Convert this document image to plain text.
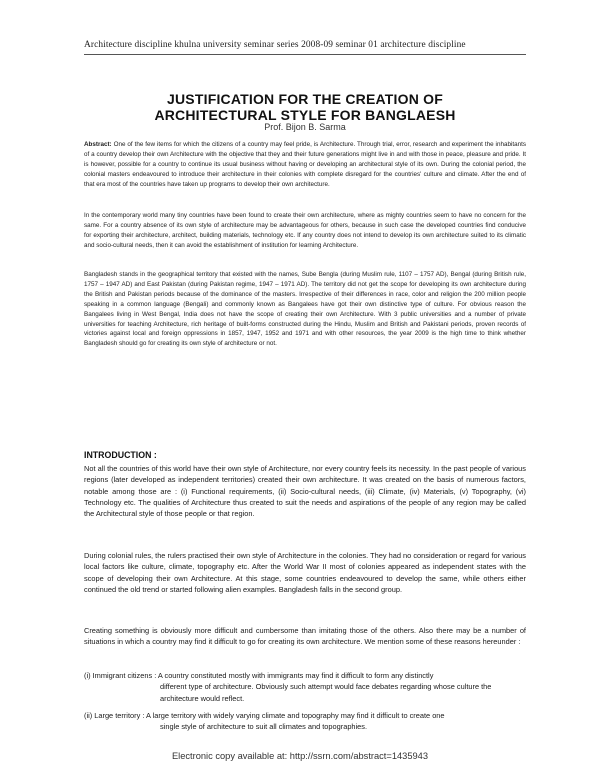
Architecture discipline khulna university seminar series 2008-09 seminar 01 architecture discipline
JUSTIFICATION FOR THE CREATION OF
ARCHITECTURAL STYLE FOR BANGLAESH
Prof. Bijon B. Sarma
Abstract: One of the few items for which the citizens of a country may feel pride, is Architecture. Through trial, error, research and experiment the inhabitants of a country develop their own Architecture with the objective that they and their future generations might live in and with those in peace, pleasure and pride. It is however, possible for a country to continue its usual business without having or developing an architectural style of its own. During the colonial period, the colonial masters endeavoured to introduce their architecture in their colonies with complete disregard for the countries' culture and climate. After the end of that era most of the countries have taken up programs to develop their own architecture.
In the contemporary world many tiny countries have been found to create their own architecture, where as mighty countries seem to have no concern for the same. For a country absence of its own style of architecture may be advantageous for others, because in such case the developed countries find conducive for exporting their architecture, architect, building materials, technology etc. If any country does not intend to develop its own architecture suited to its climatic and socio-cultural needs, then it can avoid the establishment of institution for learning Architecture.
Bangladesh stands in the geographical territory that existed with the names, Sube Bengla (during Muslim rule, 1107 – 1757 AD), Bengal (during British rule, 1757 – 1947 AD) and East Pakistan (during Pakistan regime, 1947 – 1971 AD). The territory did not get the scope for developing its own architecture during the British and Pakistan periods because of the dominance of the masters. Irrespective of their differences in race, color and religion the 200 million people speaking in a common language (Bengali) and commonly known as Bangalees have got their own distinctive type of culture. For obvious reason the Bangalees living in West Bengal, India does not have the scope of creating their own Architecture. With 3 public universities and a number of private universities for teaching Architecture, rich heritage of built-forms constructed during the Hindu, Muslim and British and Pakistani periods, proven records of victories against local and foreign oppressions in 1857, 1947, 1952 and 1971 and with other resources, the year 2009 is the high time to think whether Bangladesh should go for creating its own style of architecture or not.
INTRODUCTION :
Not all the countries of this world have their own style of Architecture, nor every country feels its necessity. In the past people of various regions (later developed as independent territories) created their own architecture. It was created on the basis of numerous factors, notable among those are : (i) Functional requirements, (ii) Socio-cultural needs, (iii) Climate, (iv) Materials, (v) Topography, (vi) Technology etc. The qualities of Architecture thus created to suit the needs and aspirations of the people of any region may be called the Architectural style of those people or that region.
During colonial rules, the rulers practised their own style of Architecture in the colonies. They had no consideration or regard for various local factors like culture, climate, topography etc. After the World War II most of colonies appeared as independent states with the scope of developing their own Architecture. At this stage, some countries endeavoured to develop the same, while others either continued the old trend or started following alien examples. Bangladesh falls in the second group.
Creating something is obviously more difficult and cumbersome than imitating those of the others. Also there may be a number of situations in which a country may find it difficult to go for creating its own architecture. We mention some of these reasons hereunder :
(i) Immigrant citizens : A country constituted mostly with immigrants may find it difficult to form any distinctly
different type of architecture. Obviously such attempt would face debates regarding whose culture the architecture would reflect.
(ii) Large territory : A large territory with widely varying climate and topography may find it difficult to create one
single style of architecture to suit all climates and topographies.
Electronic copy available at: http://ssrn.com/abstract=1435943
